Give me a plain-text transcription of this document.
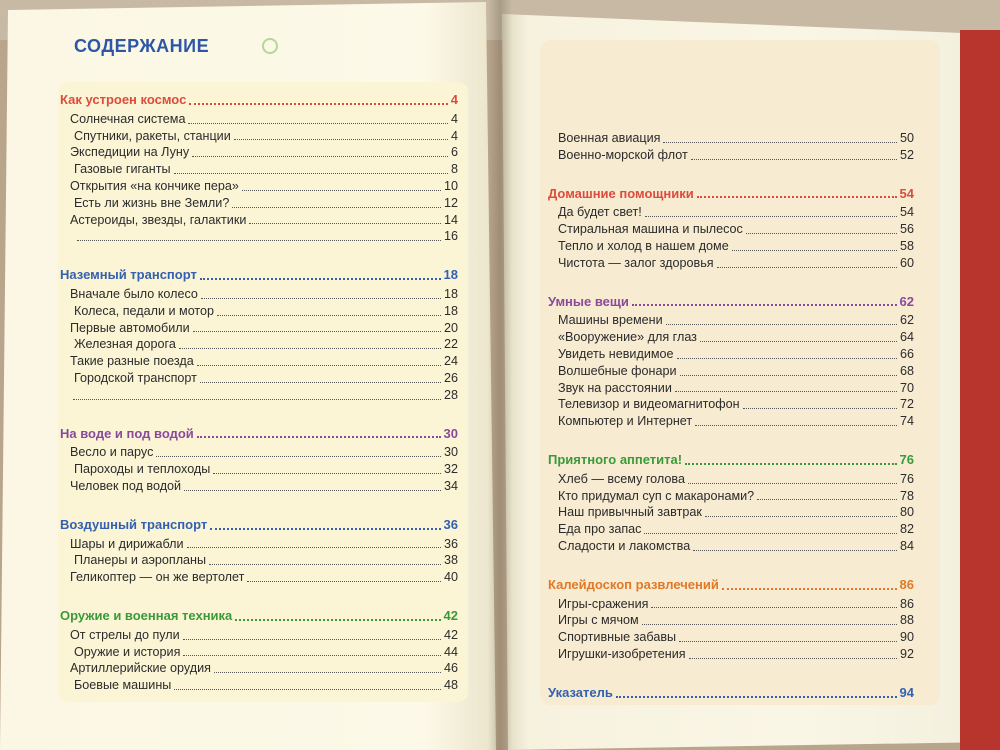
СОДЕРЖАНИЕ
Как устроен космос	4
Солнечная система	4
Спутники, ракеты, станции	4
Экспедиции на Луну	6
Газовые гиганты	8
Открытия «на кончике пера»	10
Есть ли жизнь вне Земли?	12
Астероиды, звезды, галактики	14
16
Наземный транспорт	18
Вначале было колесо	18
Колеса, педали и мотор	18
Первые автомобили	20
Железная дорога	22
Такие разные поезда	24
Городской транспорт	26
28
На воде и под водой	30
Весло и парус	30
Пароходы и теплоходы	32
Человек под водой	34
Воздушный транспорт	36
Шары и дирижабли	36
Планеры и аэропланы	38
Геликоптер — он же вертолет	40
Оружие и военная техника	42
От стрелы до пули	42
Оружие и история	44
Артиллерийские орудия	46
Боевые машины	48
Военная авиация	50
Военно-морской флот	52
Домашние помощники	54
Да будет свет!	54
Стиральная машина и пылесос	56
Тепло и холод в нашем доме	58
Чистота — залог здоровья	60
Умные вещи	62
Машины времени	62
«Вооружение» для глаз	64
Увидеть невидимое	66
Волшебные фонари	68
Звук на расстоянии	70
Телевизор и видеомагнитофон	72
Компьютер и Интернет	74
Приятного аппетита!	76
Хлеб — всему голова	76
Кто придумал суп с макаронами?	78
Наш привычный завтрак	80
Еда про запас	82
Сладости и лакомства	84
Калейдоскоп развлечений	86
Игры-сражения	86
Игры с мячом	88
Спортивные забавы	90
Игрушки-изобретения	92
Указатель	94
